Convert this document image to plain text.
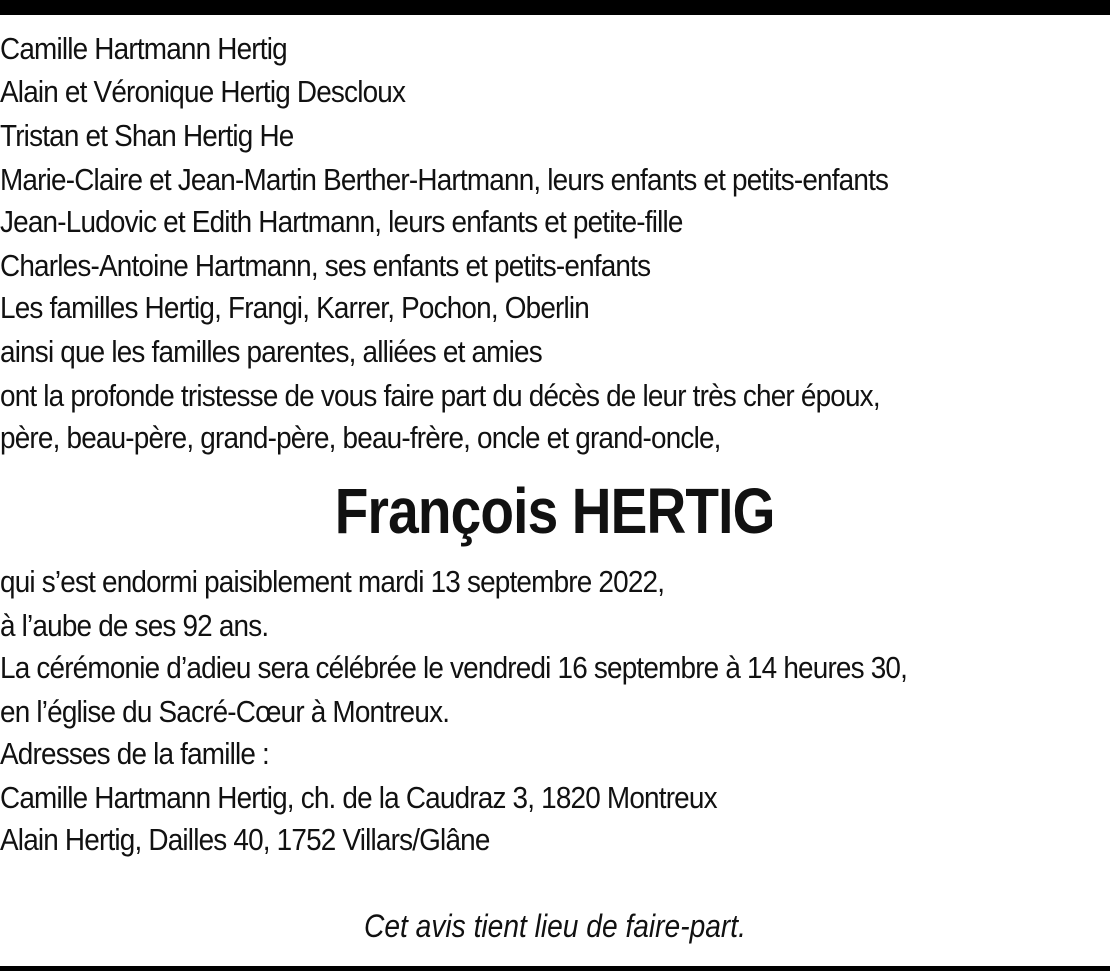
Camille Hartmann Hertig

Alain et Véronique Hertig Descloux

Tristan et Shan Hertig He

Marie-Claire et Jean-Martin Berther-Hartmann, leurs enfants et petits-enfants

Jean-Ludovic et Edith Hartmann, leurs enfants et petite-fille

Charles-Antoine Hartmann, ses enfants et petits-enfants

Les familles Hertig, Frangi, Karrer, Pochon, Oberlin

ainsi que les familles parentes, alliées et amies

ont la profonde tristesse de vous faire part du décès de leur très cher époux,

père, beau-père, grand-père, beau-frère, oncle et grand-oncle,

François HERTIG

qui s’est endormi paisiblement mardi 13 septembre 2022,

à l’aube de ses 92 ans.

La cérémonie d’adieu sera célébrée le vendredi 16 septembre à 14 heures 30,

en l’église du Sacré-Cœur à Montreux.

Adresses de la famille :

Camille Hartmann Hertig, ch. de la Caudraz 3, 1820 Montreux

Alain Hertig, Dailles 40, 1752 Villars/Glâne

Cet avis tient lieu de faire-part.
